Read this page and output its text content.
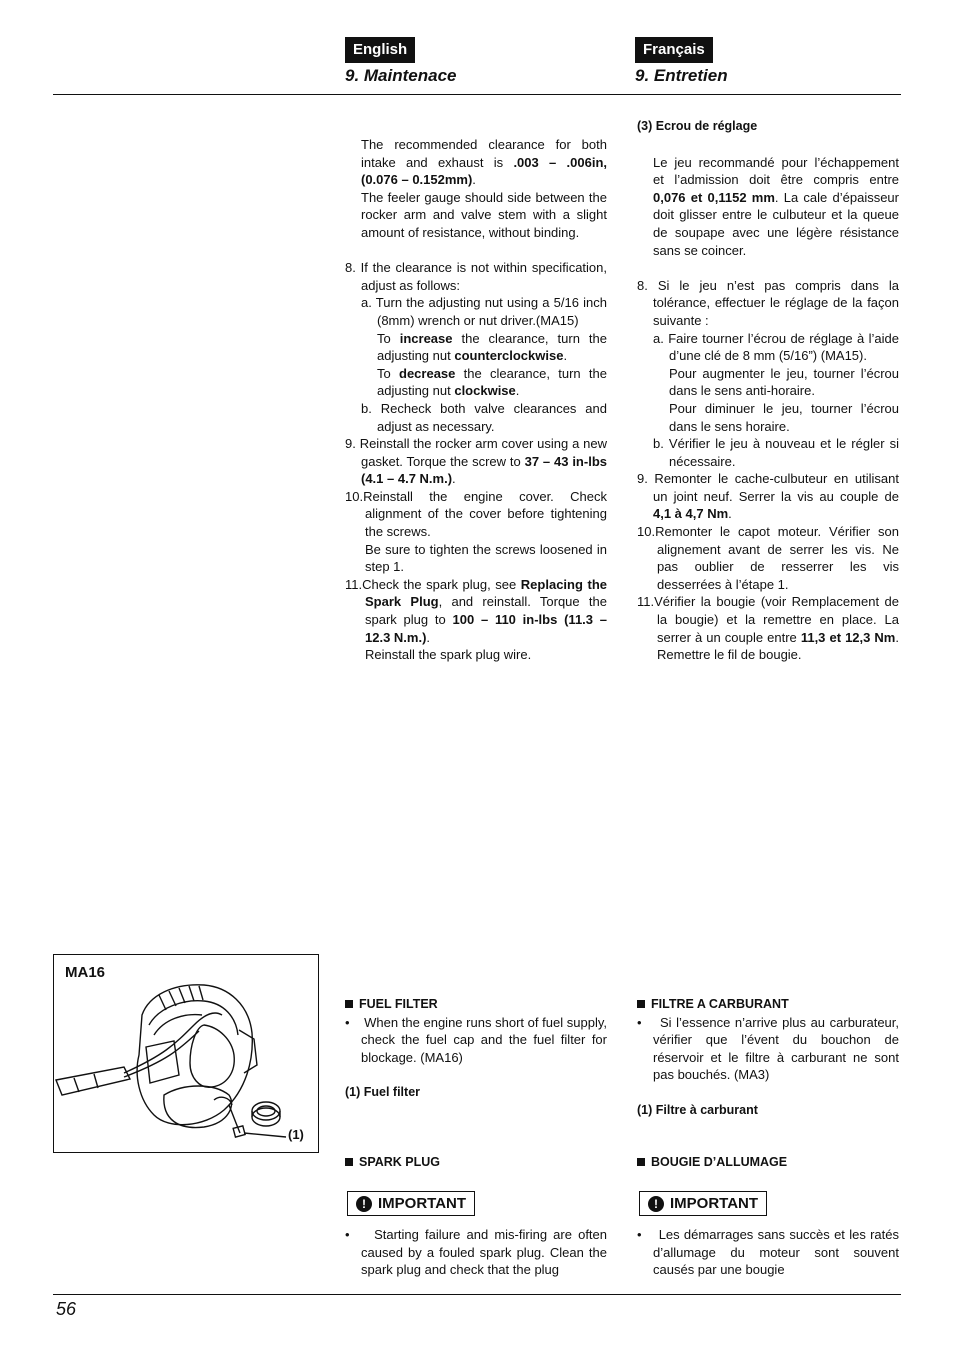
English	Français
9. Maintenace	9. Entretien

The recommended clearance for both intake and exhaust is .003 – .006in, (0.076 – 0.152mm).

The feeler gauge should side between the rocker arm and valve stem with a slight amount of resistance, without binding.

8. If the clearance is not within specification, adjust as follows:

a. Turn the adjusting nut using a 5/16 inch (8mm) wrench or nut driver.(MA15)

To increase the clearance, turn the adjusting nut counterclockwise.

To decrease the clearance, turn the adjusting nut clockwise.

b. Recheck both valve clearances and adjust as necessary.

9. Reinstall the rocker arm cover using a new gasket. Torque the screw to 37 – 43 in-lbs (4.1 – 4.7 N.m.).

10.Reinstall the engine cover. Check alignment of the cover before tightening the screws.

Be sure to tighten the screws loosened in step 1.

11.Check the spark plug, see Replacing the Spark Plug, and reinstall. Torque the spark plug to 100 – 110 in-lbs (11.3 – 12.3 N.m.).

Reinstall the spark plug wire.

(3) Ecrou de réglage

Le jeu recommandé pour l’échappement et l’admission doit être compris entre 0,076 et 0,1152 mm. La cale d’épaisseur doit glisser entre le culbuteur et la queue de soupape avec une légère résistance sans se coincer.

8. Si le jeu n’est pas compris dans la tolérance, effectuer le réglage de la façon suivante :

a. Faire tourner l’écrou de réglage à l’aide d’une clé de 8 mm (5/16”) (MA15).

Pour augmenter le jeu, tourner l’écrou dans le sens anti-horaire.

Pour diminuer le jeu, tourner l’écrou dans le sens horaire.

b. Vérifier le jeu à nouveau et le régler si nécessaire.

9. Remonter le cache-culbuteur en utilisant un joint neuf. Serrer la vis au couple de 4,1 à 4,7 Nm.

10.Remonter le capot moteur. Vérifier son alignement avant de serrer les vis. Ne pas oublier de resserrer les vis desserrées à l’étape 1.

11.Vérifier la bougie (voir Remplacement de la bougie) et la remettre en place. La serrer à un couple entre 11,3 et 12,3 Nm. Remettre le fil de bougie.

MA16
(1)

FUEL FILTER

•    When the engine runs short of fuel supply, check the fuel cap and the fuel filter for blockage. (MA16)

(1) Fuel filter

SPARK PLUG
! IMPORTANT

•    Starting failure and mis-firing are often caused by a fouled spark plug. Clean the spark plug and check that the plug

FILTRE A CARBURANT

•    Si l’essence n’arrive plus au carburateur, vérifier que l’évent du bouchon de réservoir et le filtre à carburant ne sont pas bouchés. (MA3)

(1) Filtre à carburant

BOUGIE D’ALLUMAGE
! IMPORTANT

•    Les démarrages sans succès et les ratés d’allumage du moteur sont souvent causés par une bougie

56
